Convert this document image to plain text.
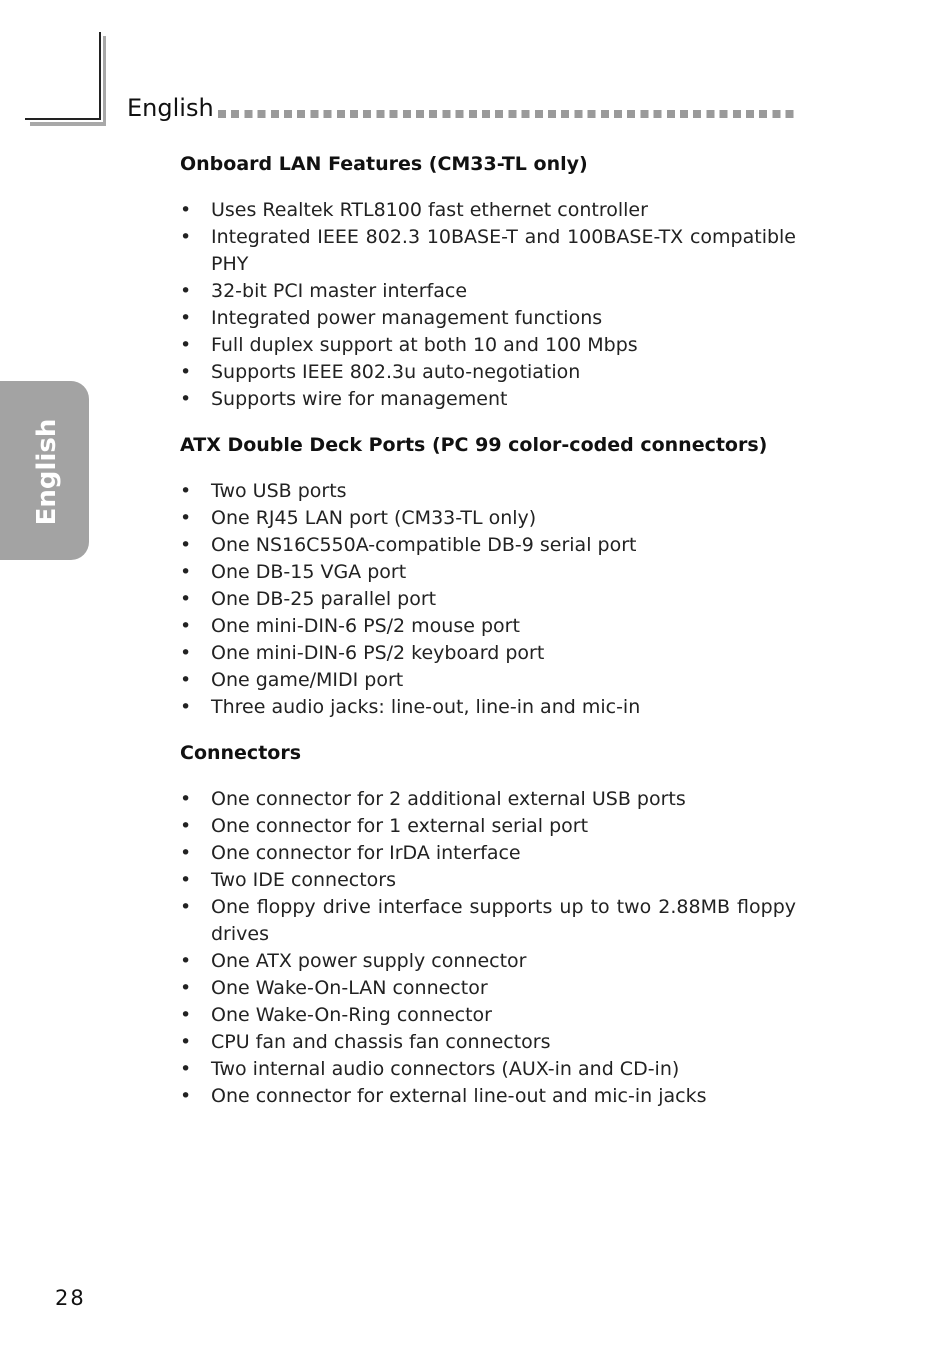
English
English
Onboard LAN Features (CM33-TL only)
• Uses Realtek RTL8100 fast ethernet controller
• Integrated IEEE 802.3 10BASE-T and 100BASE-TX compatible PHY
• 32-bit PCI master interface
• Integrated power management functions
• Full duplex support at both 10 and 100 Mbps
• Supports IEEE 802.3u auto-negotiation
• Supports wire for management
ATX Double Deck Ports (PC 99 color-coded connectors)
• Two USB ports
• One RJ45 LAN port (CM33-TL only)
• One NS16C550A-compatible DB-9 serial port
• One DB-15 VGA port
• One DB-25 parallel port
• One mini-DIN-6 PS/2 mouse port
• One mini-DIN-6 PS/2 keyboard port
• One game/MIDI port
• Three audio jacks: line-out, line-in and mic-in
Connectors
• One connector for 2 additional external USB ports
• One connector for 1 external serial port
• One connector for IrDA interface
• Two IDE connectors
• One floppy drive interface supports up to two 2.88MB floppy drives
• One ATX power supply connector
• One Wake-On-LAN connector
• One Wake-On-Ring connector
• CPU fan and chassis fan connectors
• Two internal audio connectors (AUX-in and CD-in)
• One connector for external line-out and mic-in jacks
28
